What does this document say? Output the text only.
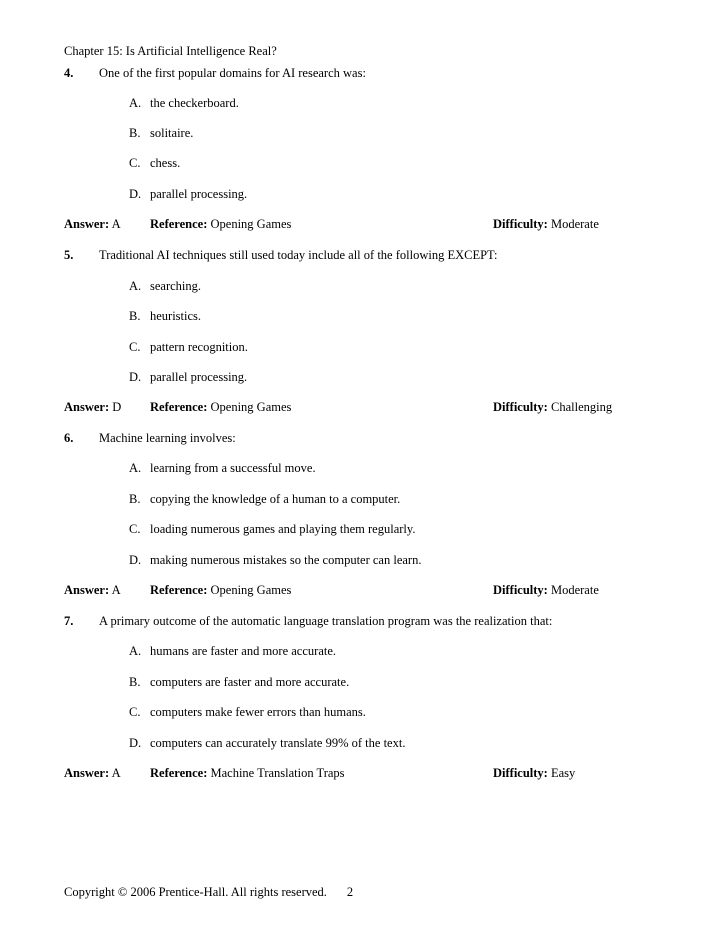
Chapter 15: Is Artificial Intelligence Real?
4. One of the first popular domains for AI research was:
A. the checkerboard.
B. solitaire.
C. chess.
D. parallel processing.
Answer: A Reference: Opening Games	Difficulty: Moderate
5. Traditional AI techniques still used today include all of the following EXCEPT:
A. searching.
B. heuristics.
C. pattern recognition.
D. parallel processing.
Answer: D Reference: Opening Games	Difficulty: Challenging
6. Machine learning involves:
A. learning from a successful move.
B. copying the knowledge of a human to a computer.
C. loading numerous games and playing them regularly.
D. making numerous mistakes so the computer can learn.
Answer: A Reference: Opening Games	Difficulty: Moderate
7. A primary outcome of the automatic language translation program was the realization that:
A. humans are faster and more accurate.
B. computers are faster and more accurate.
C. computers make fewer errors than humans.
D. computers can accurately translate 99% of the text.
Answer: A Reference: Machine Translation Traps	Difficulty: Easy
Copyright © 2006 Prentice-Hall. All rights reserved. 2
